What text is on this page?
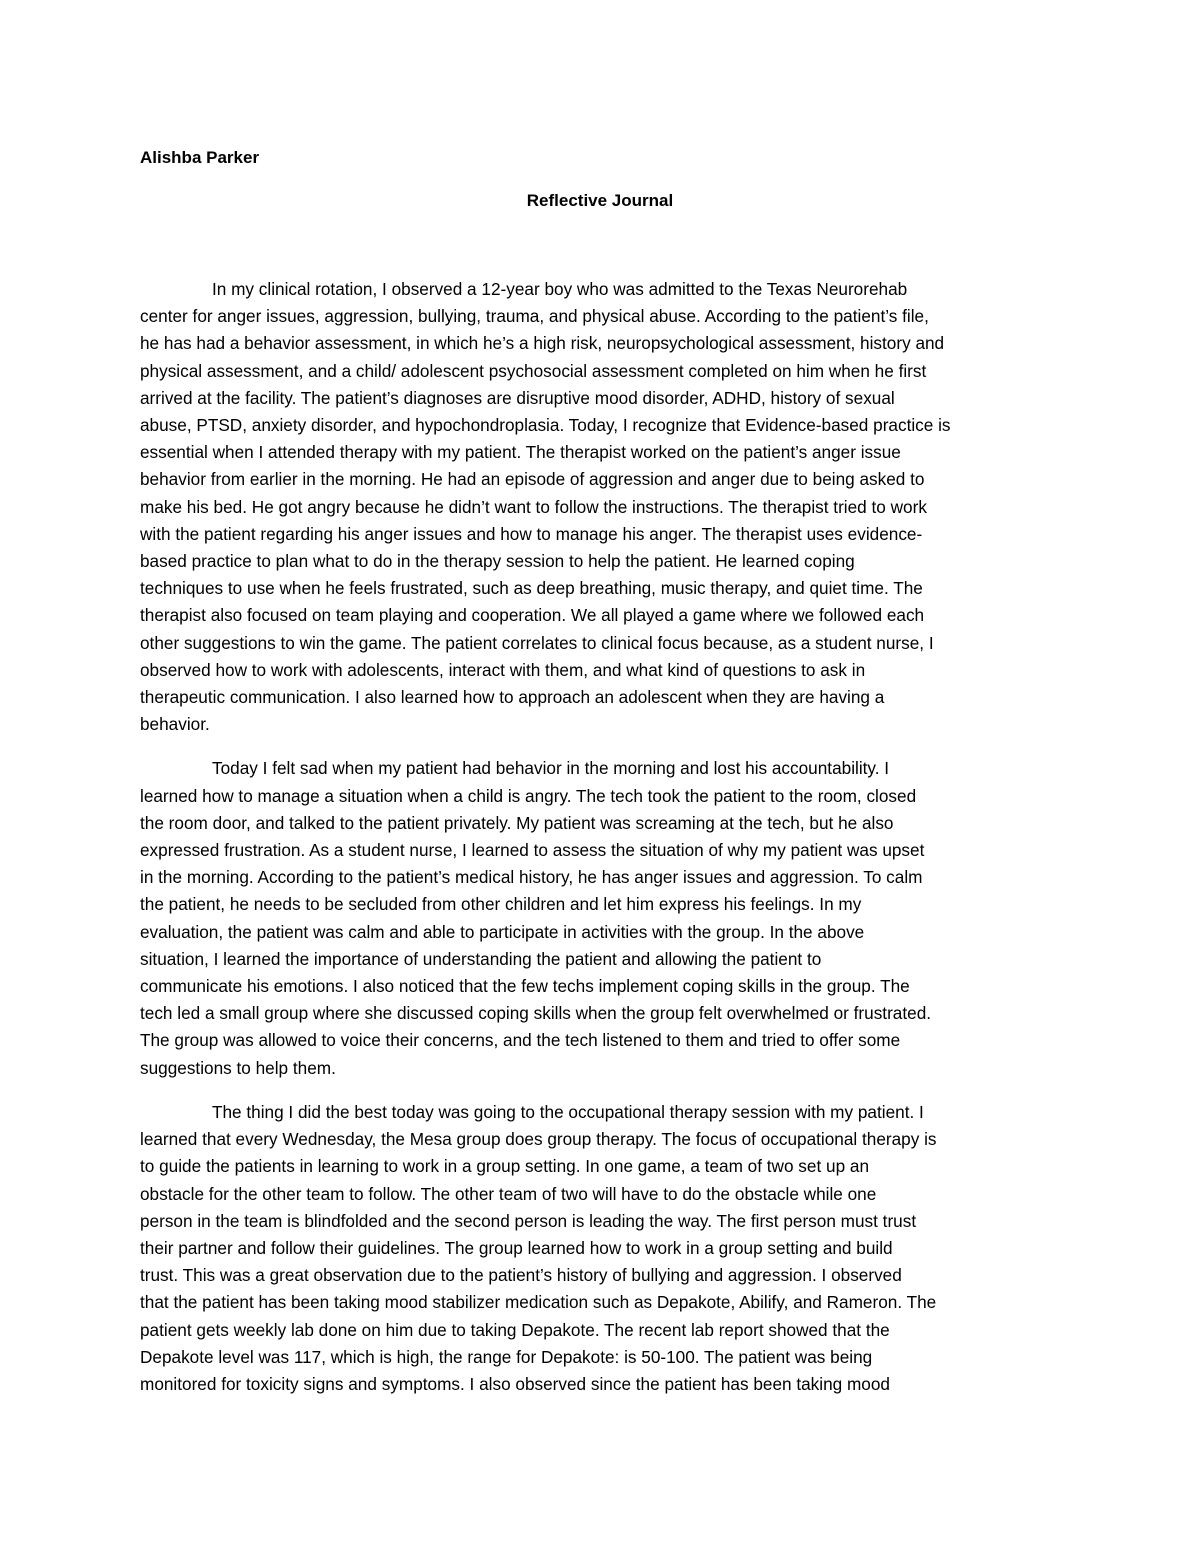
Alishba Parker

Reflective Journal

In my clinical rotation, I observed a 12-year boy who was admitted to the Texas Neurorehab
center for anger issues, aggression, bullying, trauma, and physical abuse. According to the patient’s file,
he has had a behavior assessment, in which he’s a high risk, neuropsychological assessment, history and
physical assessment, and a child/ adolescent psychosocial assessment completed on him when he first
arrived at the facility. The patient’s diagnoses are disruptive mood disorder, ADHD, history of sexual
abuse, PTSD, anxiety disorder, and hypochondroplasia. Today, I recognize that Evidence-based practice is
essential when I attended therapy with my patient. The therapist worked on the patient’s anger issue
behavior from earlier in the morning. He had an episode of aggression and anger due to being asked to
make his bed. He got angry because he didn’t want to follow the instructions. The therapist tried to work
with the patient regarding his anger issues and how to manage his anger. The therapist uses evidence-
based practice to plan what to do in the therapy session to help the patient. He learned coping
techniques to use when he feels frustrated, such as deep breathing, music therapy, and quiet time. The
therapist also focused on team playing and cooperation. We all played a game where we followed each
other suggestions to win the game. The patient correlates to clinical focus because, as a student nurse, I
observed how to work with adolescents, interact with them, and what kind of questions to ask in
therapeutic communication. I also learned how to approach an adolescent when they are having a
behavior.

Today I felt sad when my patient had behavior in the morning and lost his accountability. I
learned how to manage a situation when a child is angry. The tech took the patient to the room, closed
the room door, and talked to the patient privately. My patient was screaming at the tech, but he also
expressed frustration. As a student nurse, I learned to assess the situation of why my patient was upset
in the morning. According to the patient’s medical history, he has anger issues and aggression. To calm
the patient, he needs to be secluded from other children and let him express his feelings. In my
evaluation, the patient was calm and able to participate in activities with the group. In the above
situation, I learned the importance of understanding the patient and allowing the patient to
communicate his emotions. I also noticed that the few techs implement coping skills in the group. The
tech led a small group where she discussed coping skills when the group felt overwhelmed or frustrated.
The group was allowed to voice their concerns, and the tech listened to them and tried to offer some
suggestions to help them.

The thing I did the best today was going to the occupational therapy session with my patient. I
learned that every Wednesday, the Mesa group does group therapy. The focus of occupational therapy is
to guide the patients in learning to work in a group setting. In one game, a team of two set up an
obstacle for the other team to follow. The other team of two will have to do the obstacle while one
person in the team is blindfolded and the second person is leading the way. The first person must trust
their partner and follow their guidelines. The group learned how to work in a group setting and build
trust. This was a great observation due to the patient’s history of bullying and aggression. I observed
that the patient has been taking mood stabilizer medication such as Depakote, Abilify, and Rameron. The
patient gets weekly lab done on him due to taking Depakote. The recent lab report showed that the
Depakote level was 117, which is high, the range for Depakote: is 50-100. The patient was being
monitored for toxicity signs and symptoms. I also observed since the patient has been taking mood
